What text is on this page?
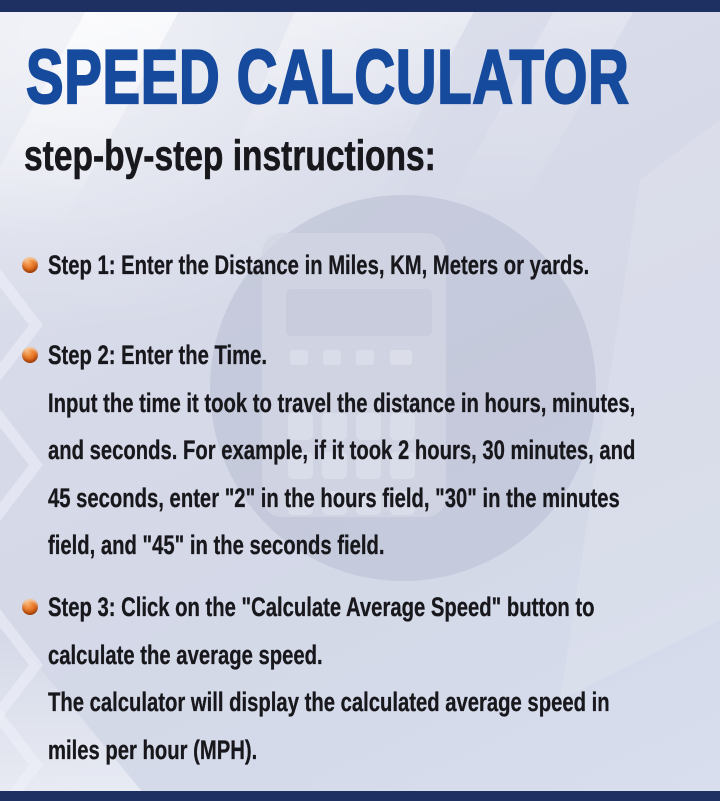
SPEED CALCULATOR
step-by-step instructions:
Step 1: Enter the Distance in Miles, KM, Meters or yards.
Step 2: Enter the Time.
Input the time it took to travel the distance in hours, minutes,
and seconds. For example, if it took 2 hours, 30 minutes, and
45 seconds, enter "2" in the hours field, "30" in the minutes
field, and "45" in the seconds field.
Step 3: Click on the "Calculate Average Speed" button to
calculate the average speed.
The calculator will display the calculated average speed in
miles per hour (MPH).
